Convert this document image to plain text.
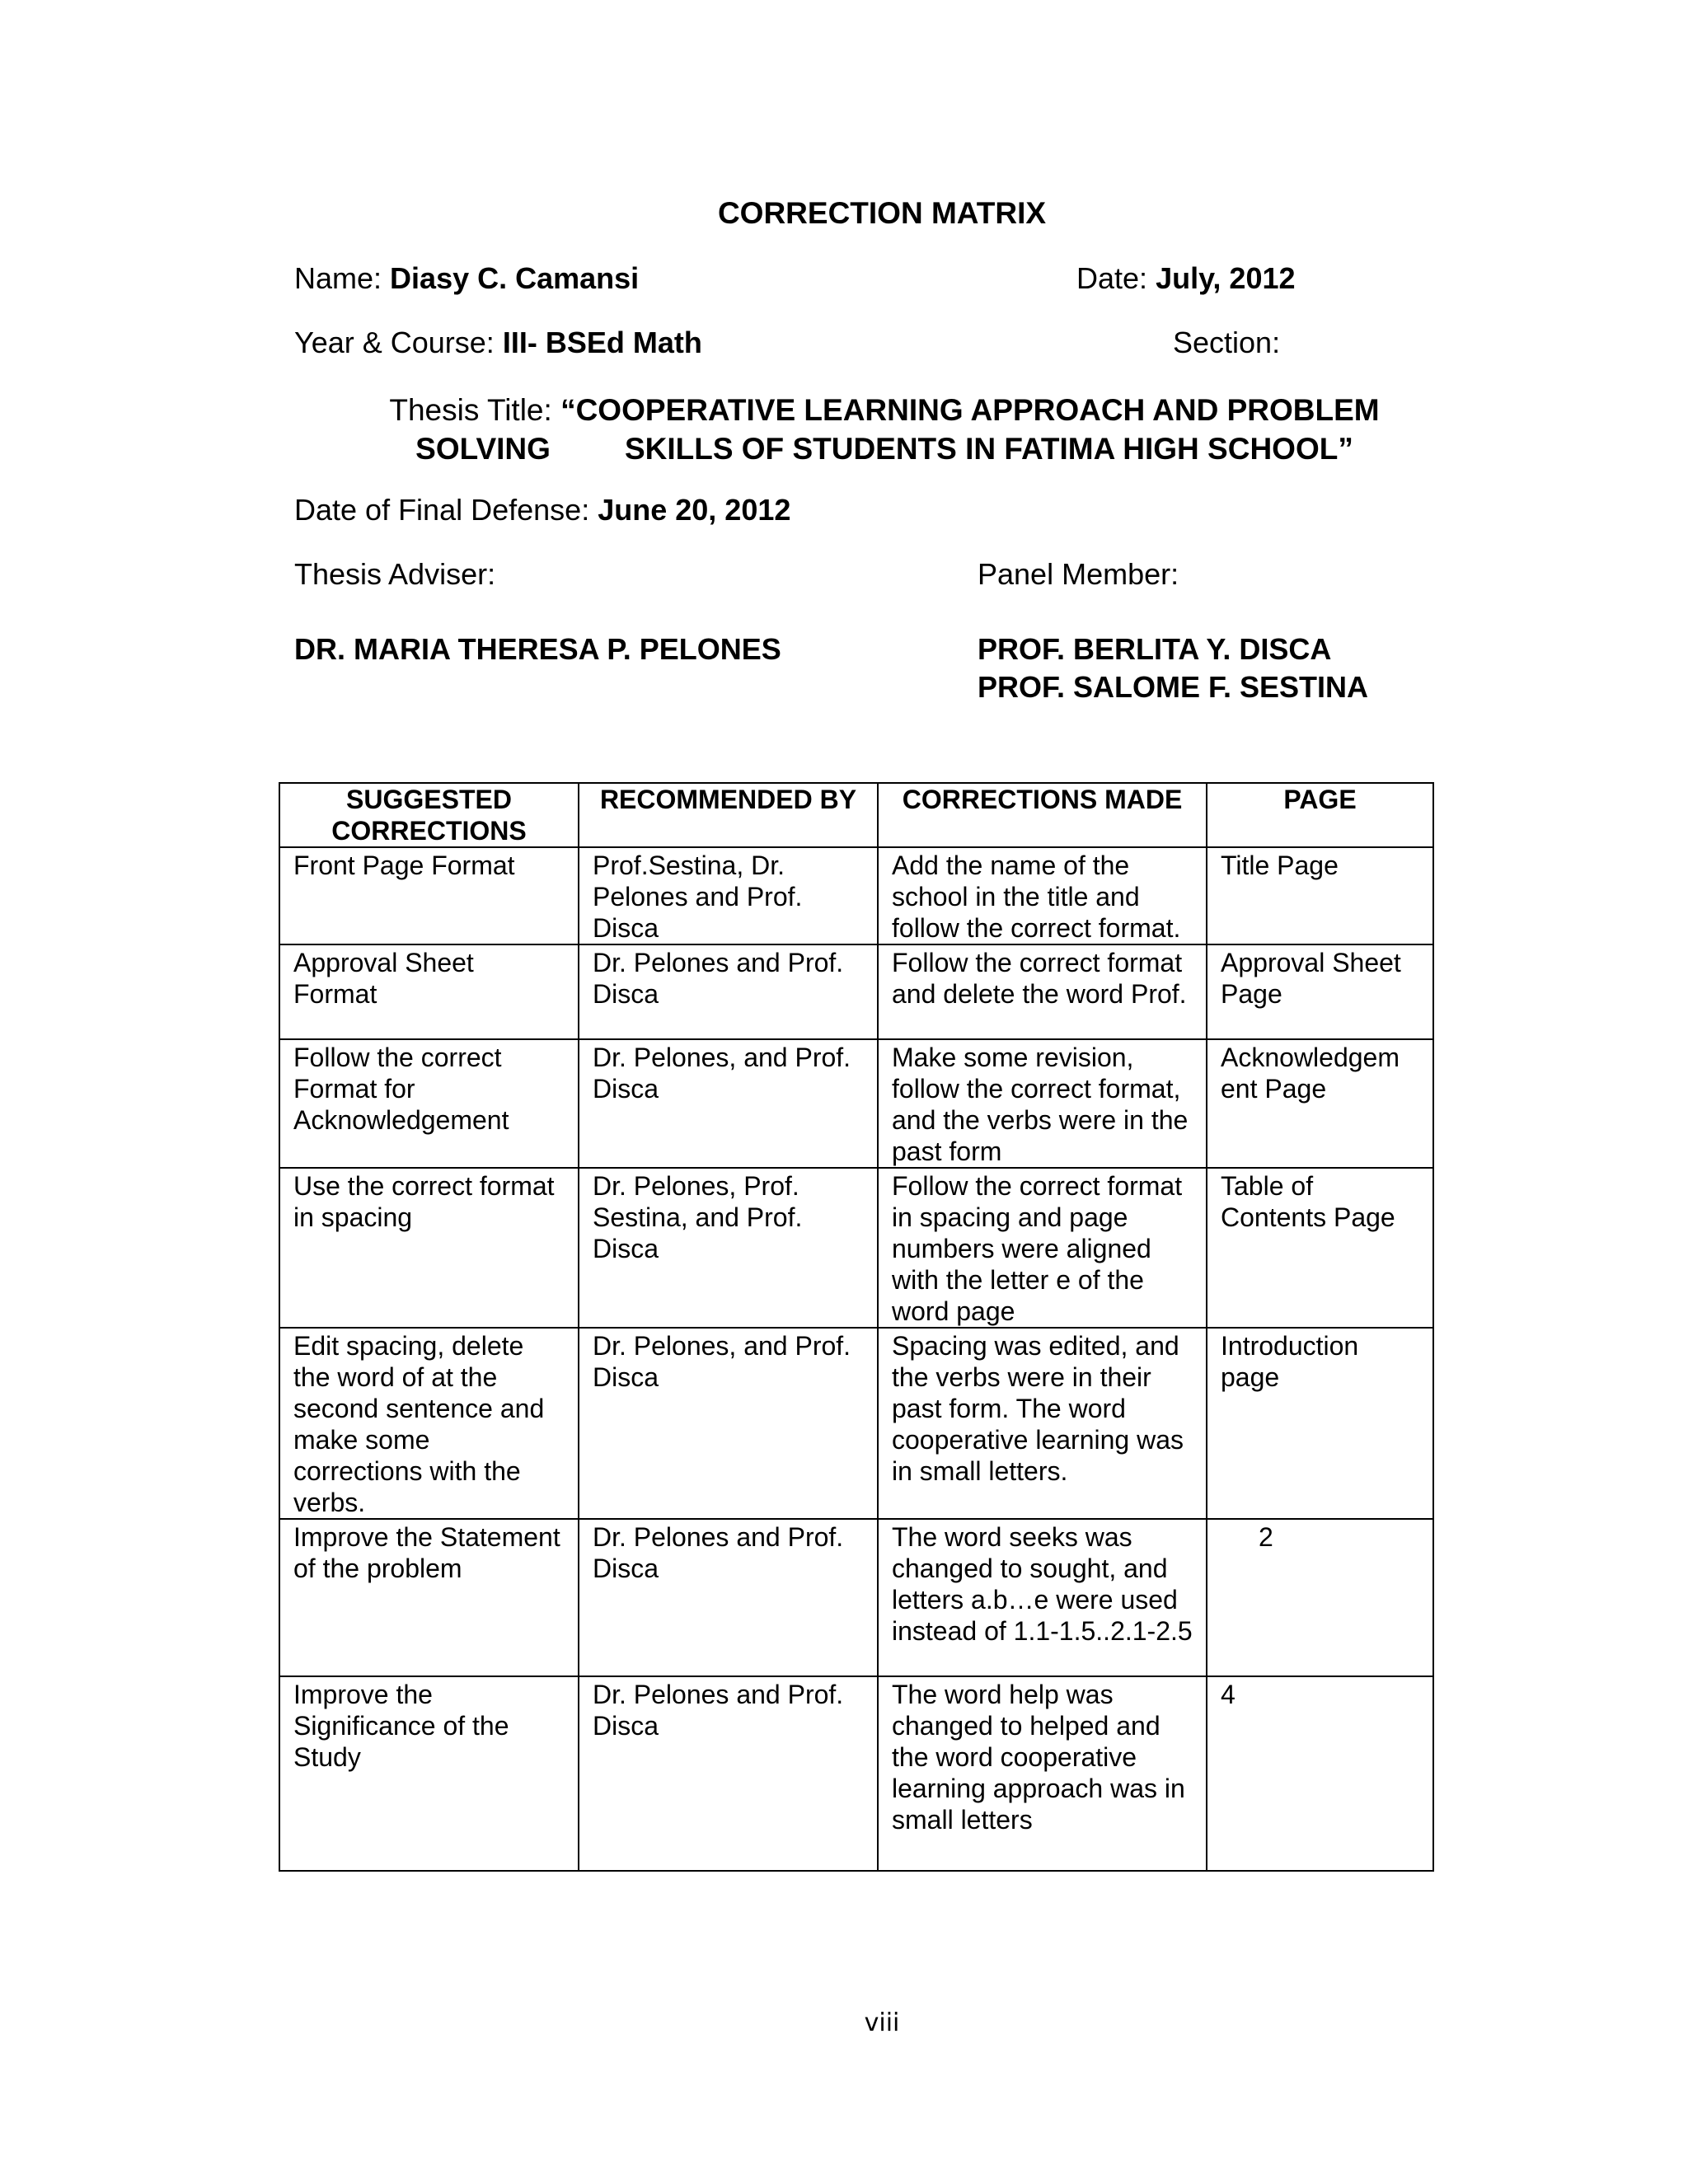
CORRECTION MATRIX
Name: Diasy C. Camansi	Date: July, 2012
Year & Course: III- BSEd Math	Section:
Thesis Title: “COOPERATIVE LEARNING APPROACH AND PROBLEM
SOLVING SKILLS OF STUDENTS IN FATIMA HIGH SCHOOL”
Date of Final Defense: June 20, 2012
Thesis Adviser:	Panel Member:
DR. MARIA THERESA P. PELONES	PROF. BERLITA Y. DISCA
PROF. SALOME F. SESTINA
SUGGESTED CORRECTIONS	RECOMMENDED BY	CORRECTIONS MADE	PAGE
Front Page Format	Prof.Sestina, Dr. Pelones and Prof. Disca	Add the name of the school in the title and follow the correct format.	Title Page
Approval Sheet Format	Dr. Pelones and Prof. Disca	Follow the correct format and delete the word Prof.	Approval Sheet Page
Follow the correct Format for Acknowledgement	Dr. Pelones, and Prof. Disca	Make some revision, follow the correct format, and the verbs were in the past form	Acknowledgem ent Page
Use the correct format in spacing	Dr. Pelones, Prof. Sestina, and Prof. Disca	Follow the correct format in spacing and page numbers were aligned with the letter e of the word page	Table of Contents Page
Edit spacing, delete the word of at the second sentence and make some corrections with the verbs.	Dr. Pelones, and Prof. Disca	Spacing was edited, and the verbs were in their past form. The word cooperative learning was in small letters.	Introduction page
Improve the Statement of the problem	Dr. Pelones and Prof. Disca	The word seeks was changed to sought, and letters a.b…e were used instead of 1.1-1.5..2.1-2.5	2
Improve the Significance of the Study	Dr. Pelones and Prof. Disca	The word help was changed to helped and the word cooperative learning approach was in small letters	4
viii
